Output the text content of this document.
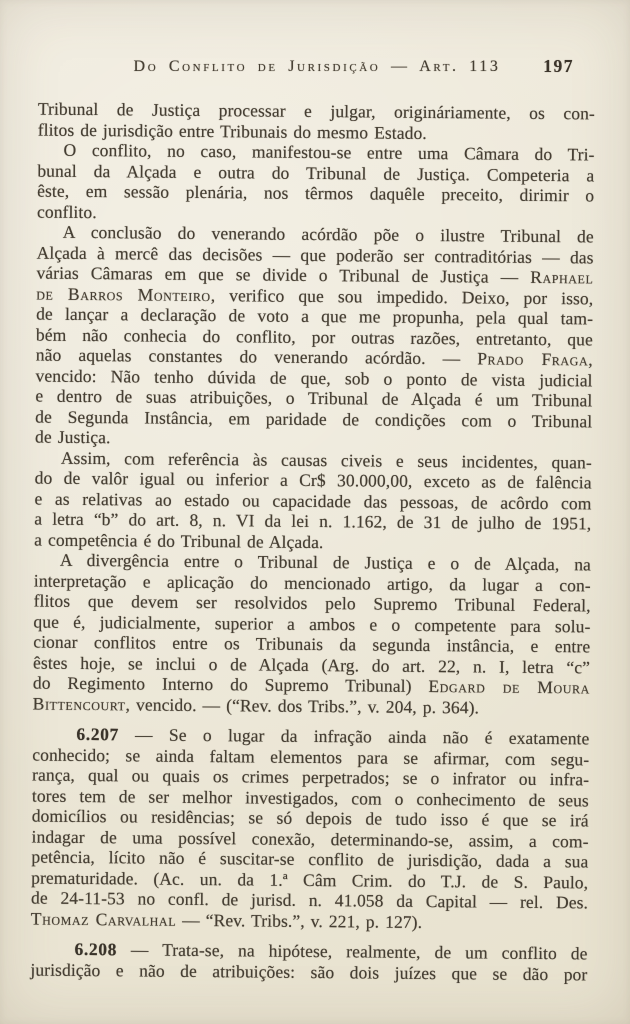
Do Conflito de Jurisdição — Art. 113	197
Tribunal de Justiça processar e julgar, origináriamente, os con-
flitos de jurisdição entre Tribunais do mesmo Estado.
O conflito, no caso, manifestou-se entre uma Câmara do Tri-
bunal da Alçada e outra do Tribunal de Justiça. Competeria a
êste, em sessão plenária, nos têrmos daquêle preceito, dirimir o
conflito.
A conclusão do venerando acórdão põe o ilustre Tribunal de
Alçada à mercê das decisões — que poderão ser contraditórias — das
várias Câmaras em que se divide o Tribunal de Justiça — Raphael
de Barros Monteiro, verifico que sou impedido. Deixo, por isso,
de lançar a declaração de voto a que me propunha, pela qual tam-
bém não conhecia do conflito, por outras razões, entretanto, que
não aquelas constantes do venerando acórdão. — Prado Fraga,
vencido: Não tenho dúvida de que, sob o ponto de vista judicial
e dentro de suas atribuições, o Tribunal de Alçada é um Tribunal
de Segunda Instância, em paridade de condições com o Tribunal
de Justiça.
Assim, com referência às causas civeis e seus incidentes, quan-
do de valôr igual ou inferior a Cr$ 30.000,00, exceto as de falência
e as relativas ao estado ou capacidade das pessoas, de acôrdo com
a letra “b” do art. 8, n. VI da lei n. 1.162, de 31 de julho de 1951,
a competência é do Tribunal de Alçada.
A divergência entre o Tribunal de Justiça e o de Alçada, na
interpretação e aplicação do mencionado artigo, da lugar a con-
flitos que devem ser resolvidos pelo Supremo Tribunal Federal,
que é, judicialmente, superior a ambos e o competente para solu-
cionar conflitos entre os Tribunais da segunda instância, e entre
êstes hoje, se inclui o de Alçada (Arg. do art. 22, n. I, letra “c”
do Regimento Interno do Supremo Tribunal) Edgard de Moura
Bittencourt, vencido. — (“Rev. dos Tribs.”, v. 204, p. 364).
6.207 — Se o lugar da infração ainda não é exatamente
conhecido; se ainda faltam elementos para se afirmar, com segu-
rança, qual ou quais os crimes perpetrados; se o infrator ou infra-
tores tem de ser melhor investigados, com o conhecimento de seus
domicílios ou residências; se só depois de tudo isso é que se irá
indagar de uma possível conexão, determinando-se, assim, a com-
petência, lícito não é suscitar-se conflito de jurisdição, dada a sua
prematuridade. (Ac. un. da 1.ª Câm Crim. do T.J. de S. Paulo,
de 24-11-53 no confl. de jurisd. n. 41.058 da Capital — rel. Des.
Thomaz Carvalhal — “Rev. Tribs.”, v. 221, p. 127).
6.208 — Trata-se, na hipótese, realmente, de um conflito de
jurisdição e não de atribuições: são dois juízes que se dão por
